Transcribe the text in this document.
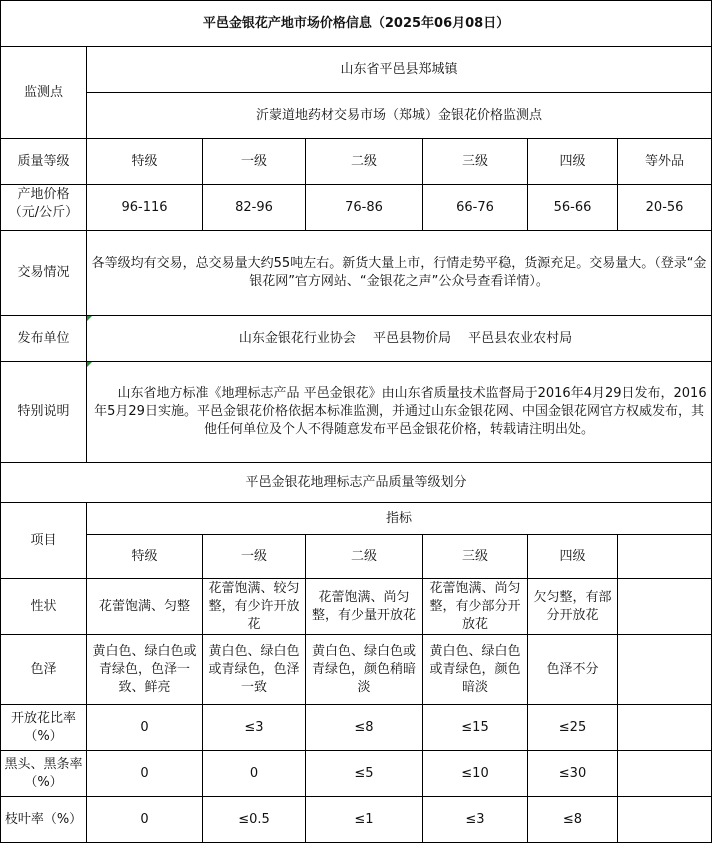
平邑金银花产地市场价格信息（2025年06月08日）						
监测点	山东省平邑县郑城镇					
	沂蒙道地药材交易市场（郑城）金银花价格监测点					
质量等级	特级	一级	二级	三级	四级	等外品

产地价格（元/公斤）	96-116	82-96	76-86	66-76	56-66	20-56
交易情况	各等级均有交易，总交易量大约55吨左右。新货大量上市，行情走势平稳，货源充足。交易量大。（登录“金银花网”官方网站、“金银花之声”公众号查看详情）。					
发布单位	　山东金银花行业协会　 平邑县物价局　 平邑县农业农村局					
特别说明	　　山东省地方标准《地理标志产品 平邑金银花》由山东省质量技术监督局于2016年4月29日发布，2016年5月29日实施。平邑金银花价格依据本标准监测，并通过山东金银花网、中国金银花网官方权威发布，其他任何单位及个人不得随意发布平邑金银花价格，转载请注明出处。					
平邑金银花地理标志产品质量等级划分						
项目	指标					
	特级	一级	二级	三级	四级	
性状	花蕾饱满、匀整	花蕾饱满、较匀整，有少许开放花	花蕾饱满、尚匀整，有少量开放花	花蕾饱满、尚匀整，有少部分开放花	欠匀整，有部分开放花	
色泽	黄白色、绿白色或青绿色，色泽一致、鲜亮	黄白色、绿白色或青绿色，色泽一致	黄白色、绿白色或青绿色，颜色稍暗淡	黄白色、绿白色或青绿色，颜色暗淡	色泽不分	
开放花比率（%）	0	≤3	≤8	≤15	≤25	
黑头、黑条率（%）	0	0	≤5	≤10	≤30	
枝叶率（%）	0	≤0.5	≤1	≤3	≤8	
